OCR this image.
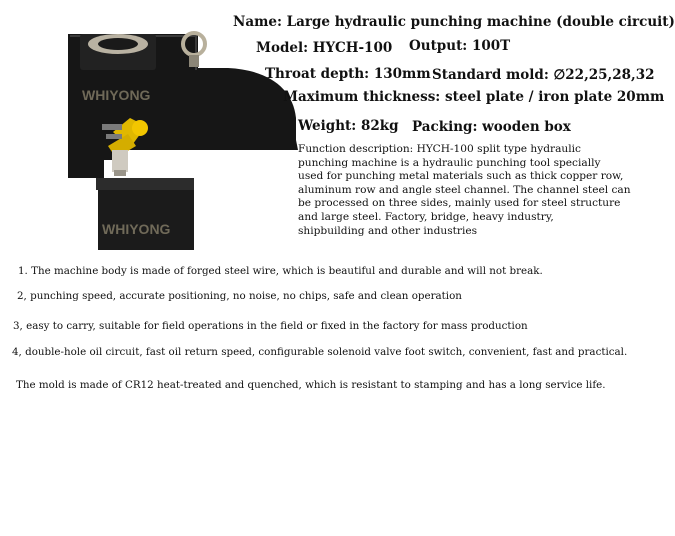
WHIYONG
WHIYONG
Name: Large hydraulic punching machine (double circuit)
Model: HYCH-100 Output: 100T
Throat depth: 130mm Standard mold: ∅22,25,28,32
Maximum thickness: steel plate / iron plate 20mm
Weight: 82kg Packing: wooden box
Function description: HYCH-100 split type hydraulic
punching machine is a hydraulic punching tool specially
used for punching metal materials such as thick copper row,
aluminum row and angle steel channel. The channel steel can
be processed on three sides, mainly used for steel structure
and large steel. Factory, bridge, heavy industry,
shipbuilding and other industries
1. The machine body is made of forged steel wire, which is beautiful and durable and will not break.
2, punching speed, accurate positioning, no noise, no chips, safe and clean operation
3, easy to carry, suitable for field operations in the field or fixed in the factory for mass production
4, double-hole oil circuit, fast oil return speed, configurable solenoid valve foot switch, convenient, fast and practical.
The mold is made of CR12 heat-treated and quenched, which is resistant to stamping and has a long service life.
